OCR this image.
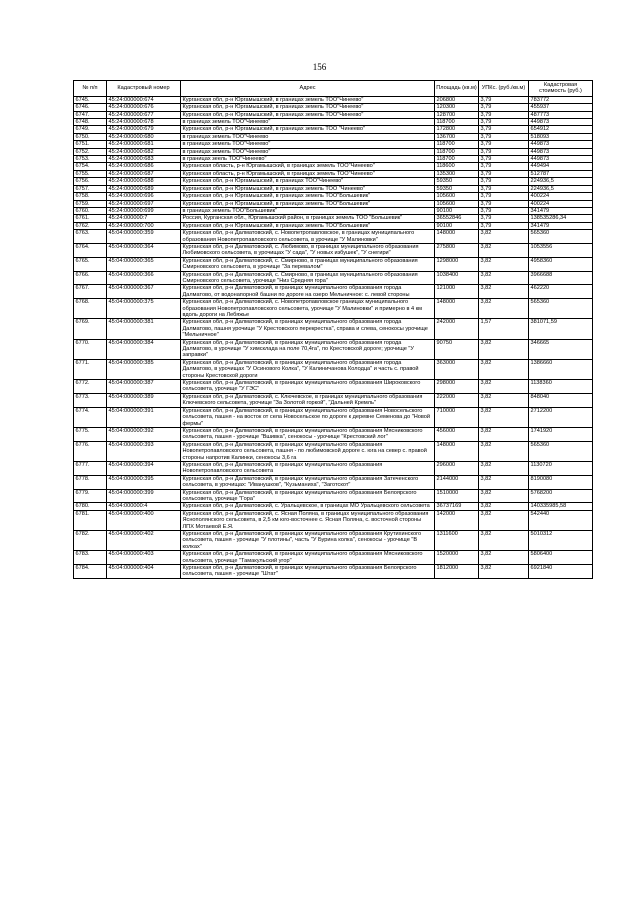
156
№ п/п	Кадастровый номер	Адрес	Площадь (кв.м)	УПКс. (руб./кв.м)	Кадастровая стоимость (руб.)
6745.	45:24:000000:674	Курганская обл, р-н Юргамышский, в границах земель ТОО"Чинеево"	206800	3,79	783772
6746.	45:24:000000:676	Курганская обл, р-н Юргамышский, в границах земель ТОО"Чинеево"	120300	3,79	455937
6747.	45:24:000000:677	Курганская обл, р-н Юргамышский, в границах земель ТОО"Чинеево"	128700	3,79	487773
6748.	45:24:000000:678	в границах земель ТОО"Чинеево"	118700	3,79	449873
6749.	45:24:000000:679	Курганская обл, р-н Юргамышский, в границах земель ТОО "Чинеево"	172800	3,79	654912
6750.	45:24:000000:680	в границах земель ТОО"Чинеево	136700	3,79	518093
6751.	45:24:000000:681	в границах земель ТОО"Чинеево"	118700	3,79	449873
6752.	45:24:000000:682	в границах земель ТОО"Чинеево"	118700	3,79	449873
6753.	45:24:000000:683	в границах зеель ТОО"Чинеево"	118700	3,79	449873
6754.	45:24:000000:686	Курганская область, р-н Юргамышский, в границах земель ТОО"Чинеево"	118600	3,79	449494
6755.	45:24:000000:687	Курганская область, р-н Юргамышский, в границах земель ТОО"Чинеево"	135300	3,79	512787
6756.	45:24:000000:688	Курганская обл, р-н Юргамышский, в границах ТОО"Чинеево"	59350	3,79	224936,5
6757.	45:24:000000:689	Курганская обл, р-н Юргамышский, в границах земель ТОО "Чинеево"	59350	3,79	224936,5
6758.	45:24:000000:696	Курганская обл, р-н Юргамышский, в границах земель ТОО"Большевик"	105600	3,79	400224
6759.	45:24:000000:697	Курганская обл, р-н Юргамышский, в границах земель ТОО"Большевик"	105600	3,79	400224
6760.	45:24:000000:699	в границах земель ТОО"Большевик"	90100	3,79	341479
6761.	45:24:000000:7	Россия, Курганская обл., Юргамышский район, в границах земель ТОО "Большевик"	36552846	3,79	138535286,34
6762.	45:24:000000:700	Курганская обл, р-н Юргамышский, в границах земель ТОО"Большевик"	90100	3,79	341479
6763.	45:04:000000:359	Курганская обл, р-н Далматовский, с. Новопетропавловское, в границах муниципального образования Новопетропавловского сельсовета, в урочище "У Малиновки"	148000	3,82	565360
6764.	45:04:000000:364	Курганская обл, р-н Далматовский, с. Любимово, в границах муниципального образования Любимовского сельсовета, в урочищах "У сада", "У новых избушек", "У снегири"	275800	3,82	1053556
6765.	45:04:000000:365	Курганская обл, р-н Далматовский, с. Смирново, в границах муниципального образования Смирновского сельсовета, в урочище "За перевалом"	1298000	3,82	4958360
6766.	45:04:000000:366	Курганская обл, р-н Далматовский, с. Смирново, в границах муниципального образования Смирновского сельсовета, урочище "Низ Средняя гора"	1038400	3,82	3966688
6767.	45:04:000000:367	Курганская обл, р-н Далматовский, в границах муниципального образования города Далматово, от водонапорной башни по дороге на озеро Мельничное: с. левой стороны	121000	3,82	462220
6768.	45:04:000000:375	Курганская обл, р-н Далматовский, с. Новопетропавловское границах муниципального образования Новопетропавловского сельсовета, урочище "У Малиновки" и примерно в 4 км вдоль дороги на Лебяжье	148000	3,82	565360
6769.	45:04:000000:381	Курганская обл, р-н Далматовский, в границах муниципального образования города Далматово, пашня урочище "У Крестовского перекрестка", справа и слева, сенокосы урочище "Мельничное"	242000	1,57	381071,59
6770.	45:04:000000:384	Курганская обл, р-н Далматовский, в границах муниципального образования города Далматово, в урочище "У химсклада на поле 70,4га", по Крестовской дороге; урочище "У заправки"	90750	3,82	346665
6771.	45:04:000000:385	Курганская обл, р-н Далматовский, в границах муниципального образования города Далматово, в урочищах "У Осинового Колка", "У Калиничанова Колодца" и часть с. правой стороны Крестовской дороги	363000	3,82	1386660
6772.	45:04:000000:387	Курганская обл, р-н Далматовский, в границах муниципального образования Широковского сельсовета, урочище "У ГЭС"	298000	3,82	1138360
6773.	45:04:000000:389	Курганская обл, р-н Далматовский, с. Ключевское, в границах муниципального образования Ключевского сельсовета, урочище "За Золотой горкой", "Дальней Кремль"	222000	3,82	848040
6774.	45:04:000000:391	Курганская обл, р-н Далматовский, в границах муниципального образования Новосельского сельсовета, пашня - на восток от села Новосельское по дороге к деревне Семенова до "Новой фермы"	710000	3,82	2712200
6775.	45:04:000000:392	Курганская обл, р-н Далматовский, в границах муниципального образования Мясниковского сельсовета, пашня - урочище "Вшивка", сенокосы - урочище "Крестовский лог"	456000	3,82	1741920
6776.	45:04:000000:393	Курганская обл, р-н Далматовский, в границах муниципального образования Новопетропавловского сельсовета, пашня - по любимовской дороге с. юга на север с. правой стороны напротив Калинки, сенокосы 3,6 га	148000	3,82	565360
6777.	45:04:000000:394	Курганская обл, р-н Далматовский, в границах муниципального образования Новопетропавловского сельсовета	296000	3,82	1130720
6778.	45:04:000000:395	Курганская обл, р-н Далматовский, в границах муниципального образования Затеченского сельсовета, в урочищах: "Иванушков", "Кузьманиха", "Заготскот"	2144000	3,82	8190080
6779.	45:04:000000:399	Курганская обл, р-н Далматовский, в границах муниципального образования Белоярского сельсовета, урочище "Гора"	1510000	3,82	5768200
6780.	45:04:000000:4	Курганская обл, р-н Далматовский, с. Уральцевское, в границах МО Уральцевского сельсовета	36737169	3,82	140335985,58
6781.	45:04:000000:400	Курганская обл, р-н Далматовский, с. Ясная Поляна, в границах муниципального образования Яснополянского сельсовета, в 2,5 км юго-восточнее с. Ясная Поляна, с. восточной стороны ЛПХ Мотаевой Е.Я.	142000	3,82	542440
6782.	45:04:000000:402	Курганская обл, р-н Далматовский, в границах муниципального образования Крутихинского сельсовета, пашня - урочище "У плотины", часть "У Бурина колка", сенокосы - урочище "В колках"	1311600	3,82	5010312
6783.	45:04:000000:403	Курганская обл, р-н Далматовский, в границах муниципального образования Мясниковского сельсовета, урочище "Тамакульский угор"	1520000	3,82	5806400
6784.	45:04:000000:404	Курганская обл, р-н Далматовский, в границах муниципального образования Белоярского сельсовета, пашня - урочище "Штат"	1812000	3,82	6921840
